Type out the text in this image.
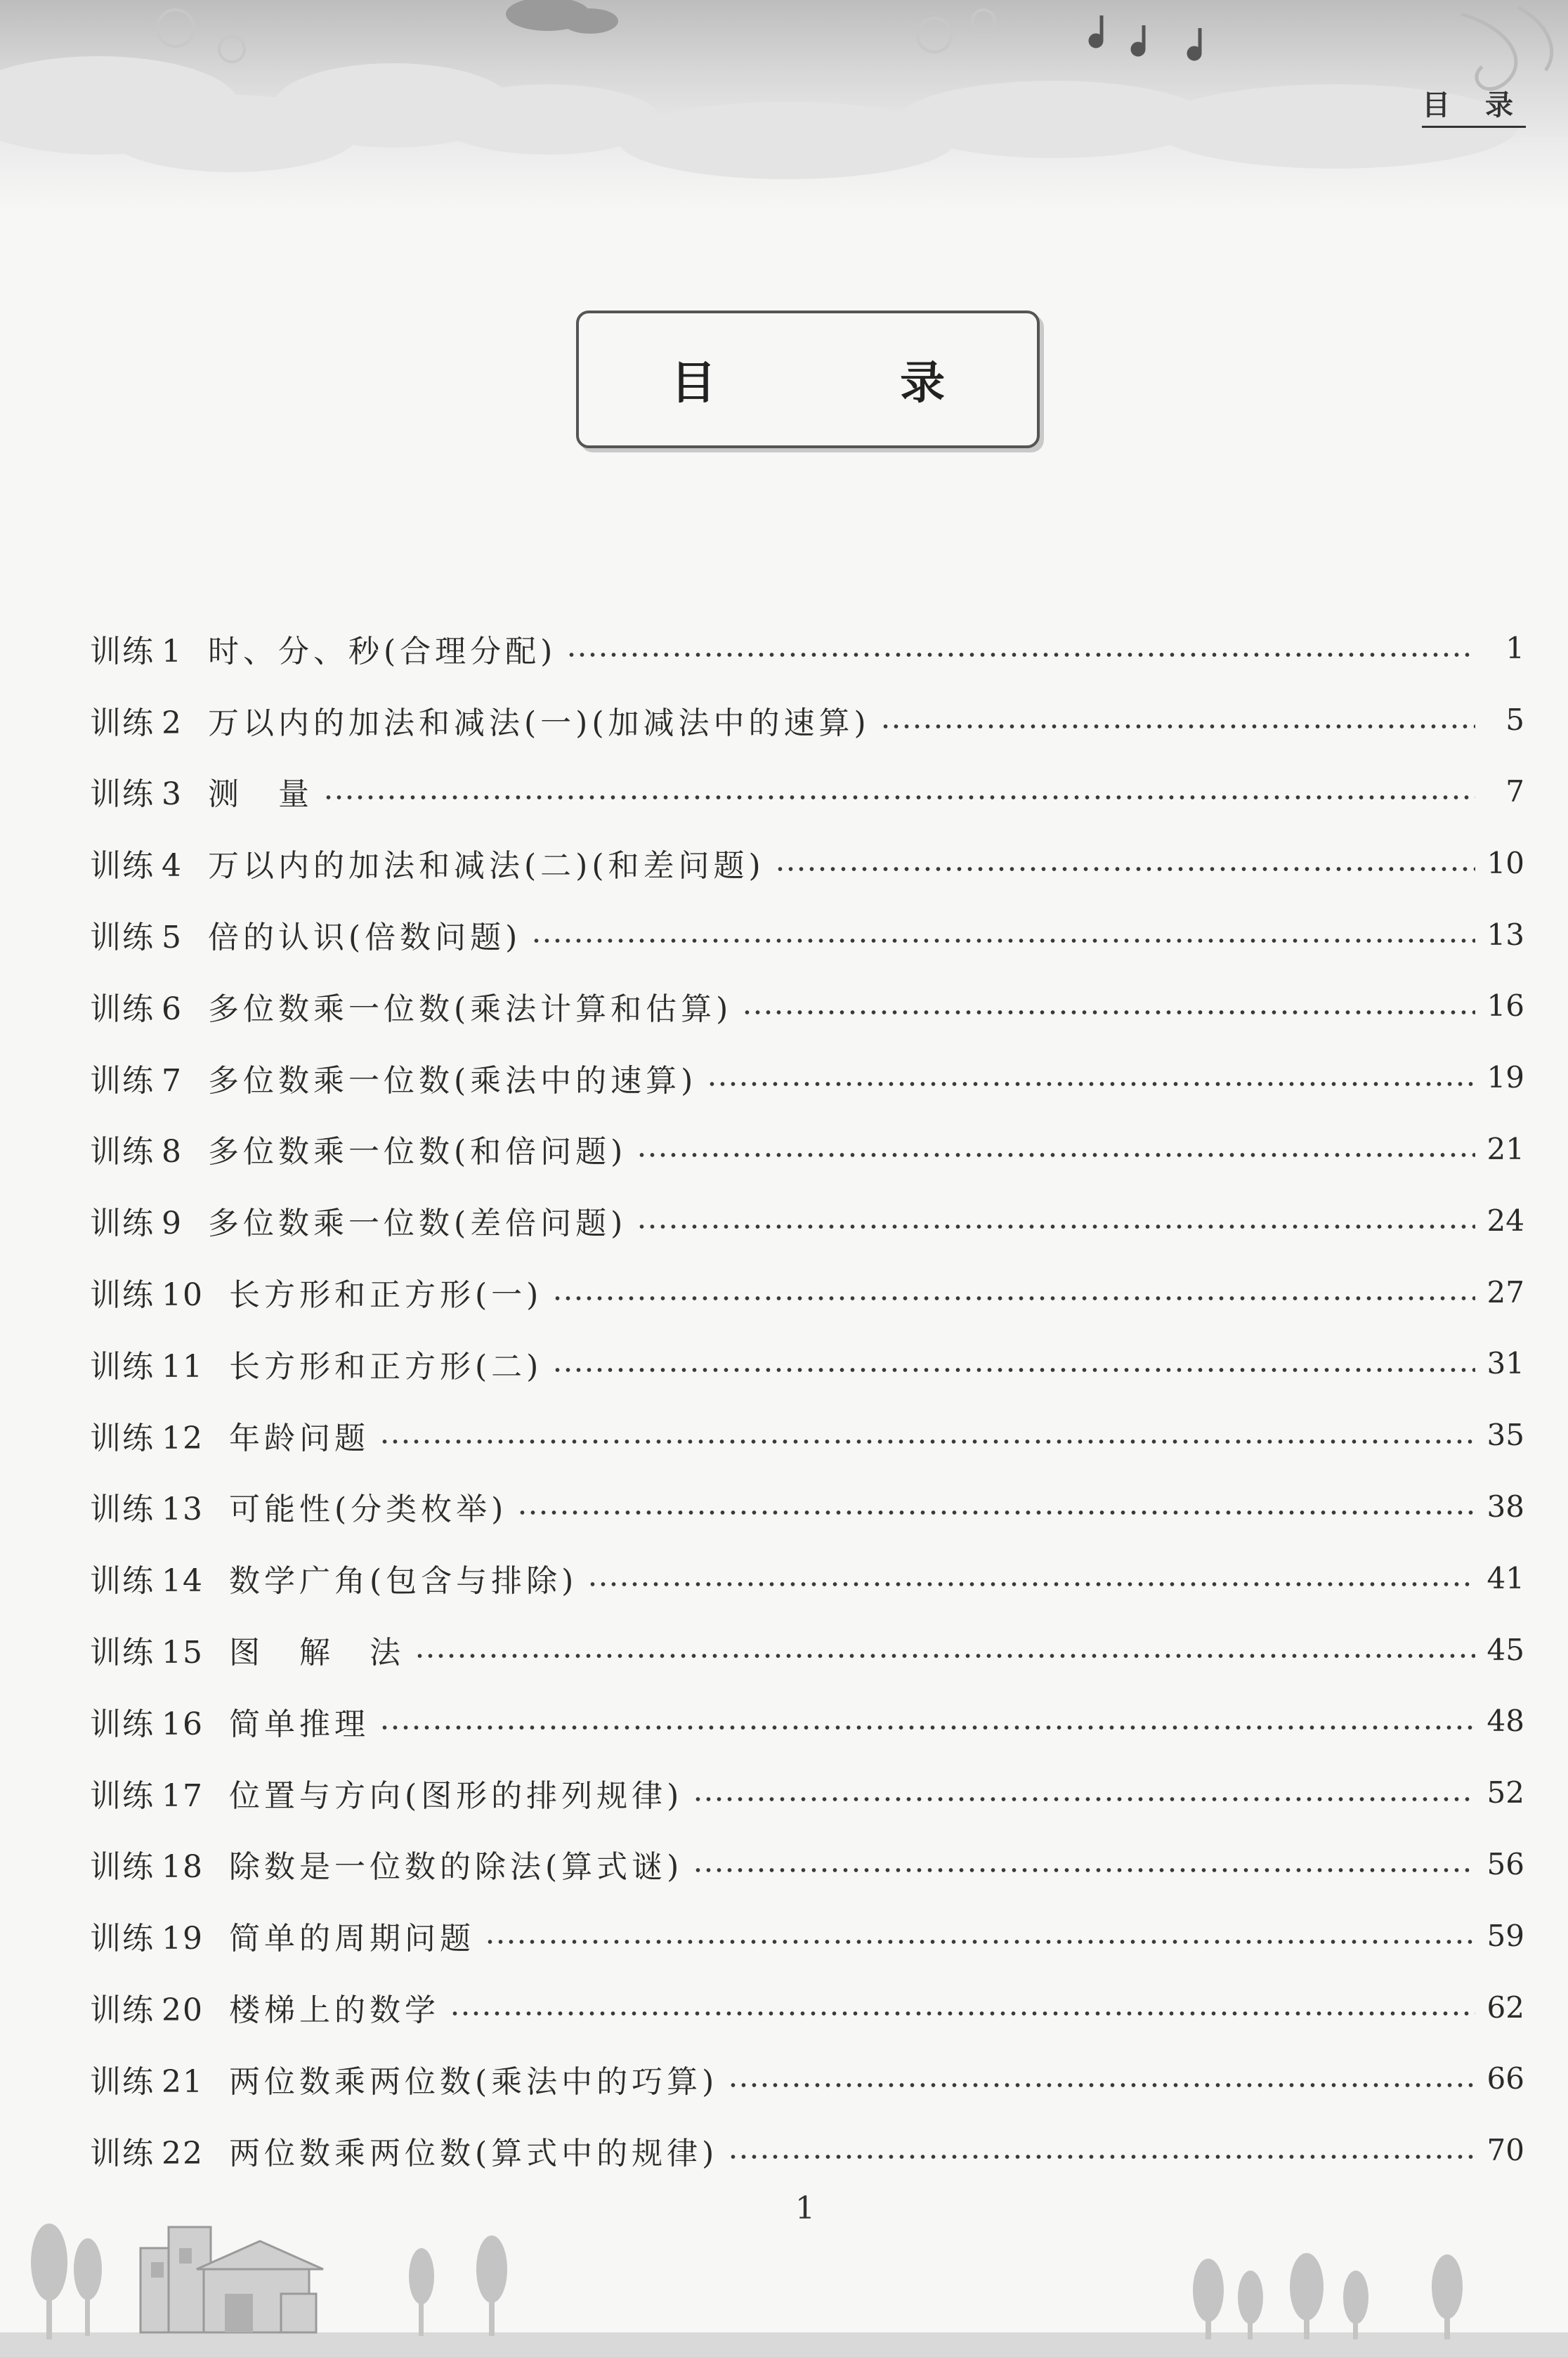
目 录
目 录
训练 1 时、分、秒(合理分配)	1
训练 2 万以内的加法和减法(一)(加减法中的速算)	5
训练 3 测　量	7
训练 4 万以内的加法和减法(二)(和差问题)	10
训练 5 倍的认识(倍数问题)	13
训练 6 多位数乘一位数(乘法计算和估算)	16
训练 7 多位数乘一位数(乘法中的速算)	19
训练 8 多位数乘一位数(和倍问题)	21
训练 9 多位数乘一位数(差倍问题)	24
训练 10 长方形和正方形(一)	27
训练 11 长方形和正方形(二)	31
训练 12 年龄问题	35
训练 13 可能性(分类枚举)	38
训练 14 数学广角(包含与排除)	41
训练 15 图　解　法	45
训练 16 简单推理	48
训练 17 位置与方向(图形的排列规律)	52
训练 18 除数是一位数的除法(算式谜)	56
训练 19 简单的周期问题	59
训练 20 楼梯上的数学	62
训练 21 两位数乘两位数(乘法中的巧算)	66
训练 22 两位数乘两位数(算式中的规律)	70
1
